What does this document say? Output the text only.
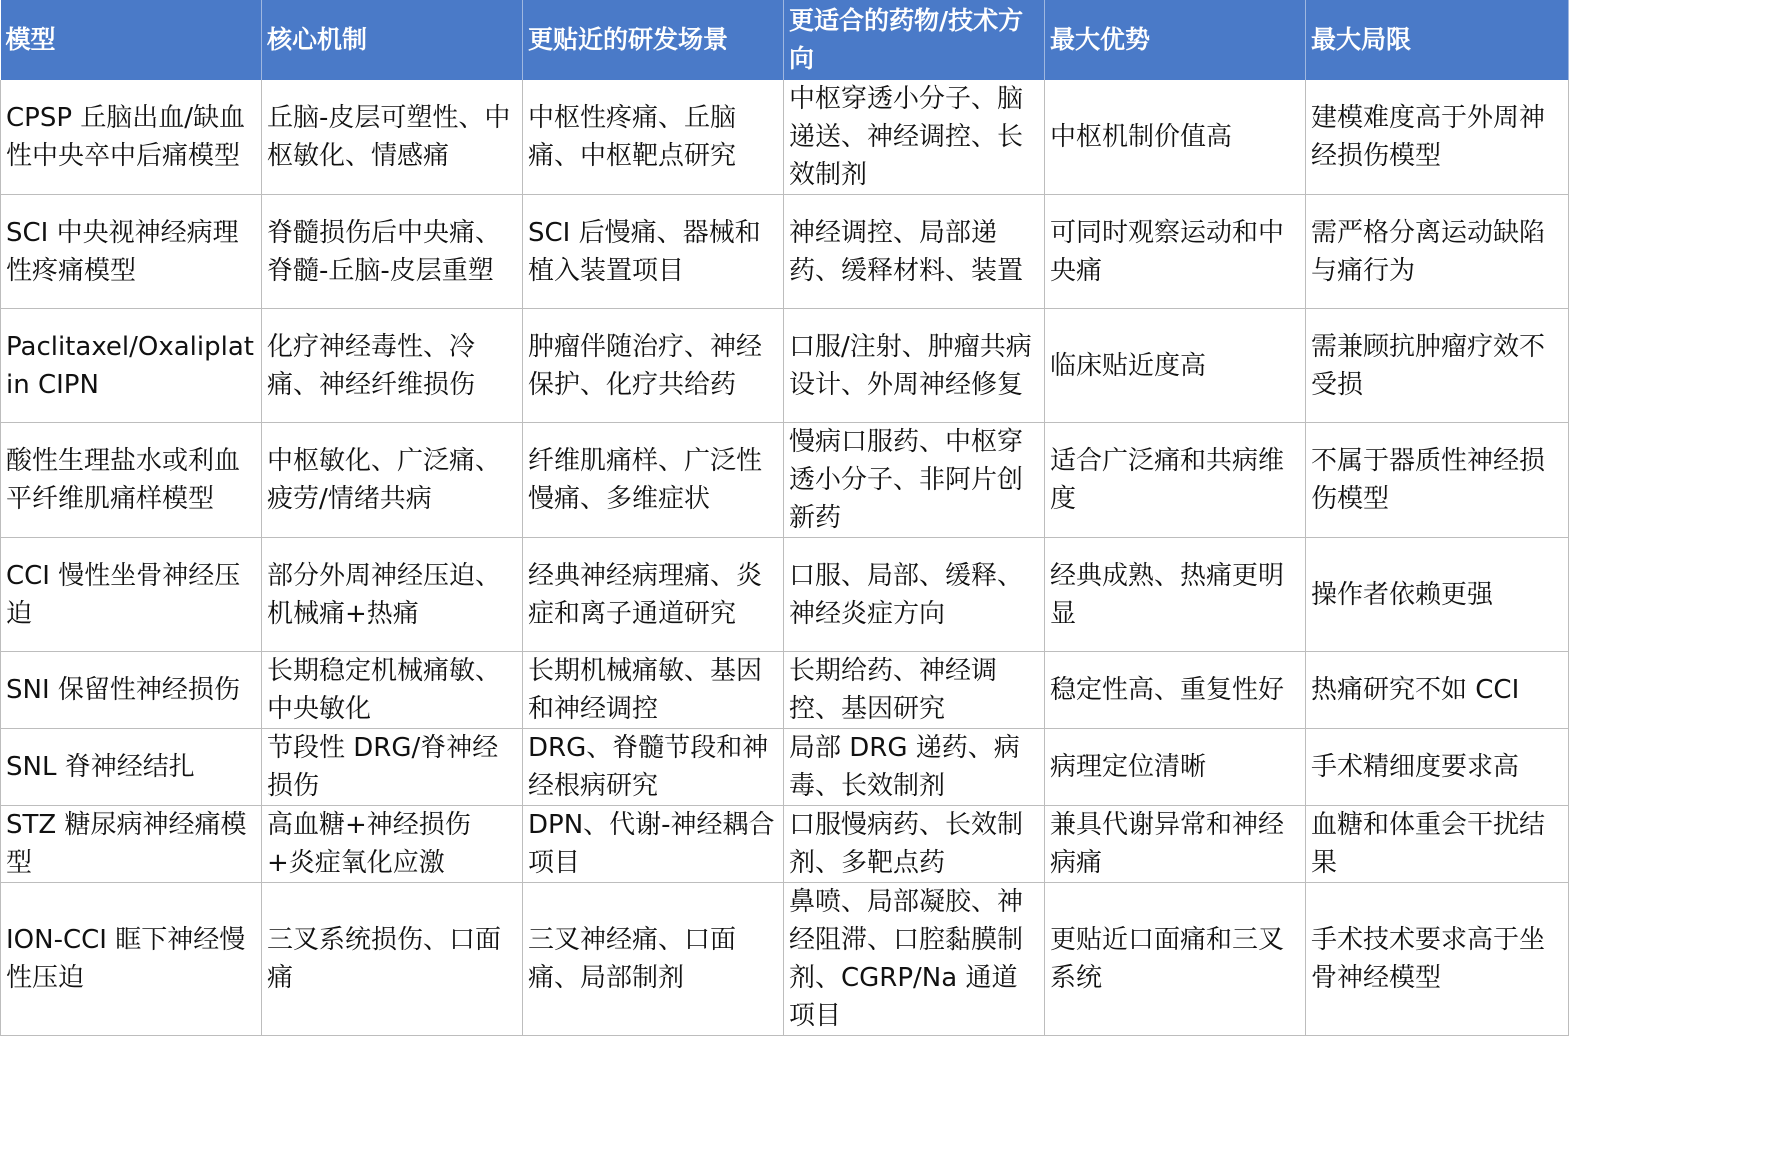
模型	核心机制	更贴近的研发场景	更适合的药物/技术方向	最大优势	最大局限
CPSP 丘脑出血/缺血性中央卒中后痛模型	丘脑-皮层可塑性、中枢敏化、情感痛	中枢性疼痛、丘脑痛、中枢靶点研究	中枢穿透小分子、脑递送、神经调控、长效制剂	中枢机制价值高	建模难度高于外周神经损伤模型
SCI 中央视神经病理性疼痛模型	脊髓损伤后中央痛、脊髓-丘脑-皮层重塑	SCI 后慢痛、器械和植入装置项目	神经调控、局部递药、缓释材料、装置	可同时观察运动和中央痛	需严格分离运动缺陷与痛行为
Paclitaxel/Oxaliplatin CIPN	化疗神经毒性、冷痛、神经纤维损伤	肿瘤伴随治疗、神经保护、化疗共给药	口服/注射、肿瘤共病设计、外周神经修复	临床贴近度高	需兼顾抗肿瘤疗效不受损
酸性生理盐水或利血平纤维肌痛样模型	中枢敏化、广泛痛、疲劳/情绪共病	纤维肌痛样、广泛性慢痛、多维症状	慢病口服药、中枢穿透小分子、非阿片创新药	适合广泛痛和共病维度	不属于器质性神经损伤模型
CCI 慢性坐骨神经压迫	部分外周神经压迫、机械痛+热痛	经典神经病理痛、炎症和离子通道研究	口服、局部、缓释、神经炎症方向	经典成熟、热痛更明显	操作者依赖更强
SNI 保留性神经损伤	长期稳定机械痛敏、中央敏化	长期机械痛敏、基因和神经调控	长期给药、神经调控、基因研究	稳定性高、重复性好	热痛研究不如 CCI
SNL 脊神经结扎	节段性 DRG/脊神经损伤	DRG、脊髓节段和神经根病研究	局部 DRG 递药、病毒、长效制剂	病理定位清晰	手术精细度要求高
STZ 糖尿病神经痛模型	高血糖+神经损伤+炎症氧化应激	DPN、代谢-神经耦合项目	口服慢病药、长效制剂、多靶点药	兼具代谢异常和神经病痛	血糖和体重会干扰结果
ION-CCI 眶下神经慢性压迫	三叉系统损伤、口面痛	三叉神经痛、口面痛、局部制剂	鼻喷、局部凝胶、神经阻滞、口腔黏膜制剂、CGRP/Na 通道项目	更贴近口面痛和三叉系统	手术技术要求高于坐骨神经模型
